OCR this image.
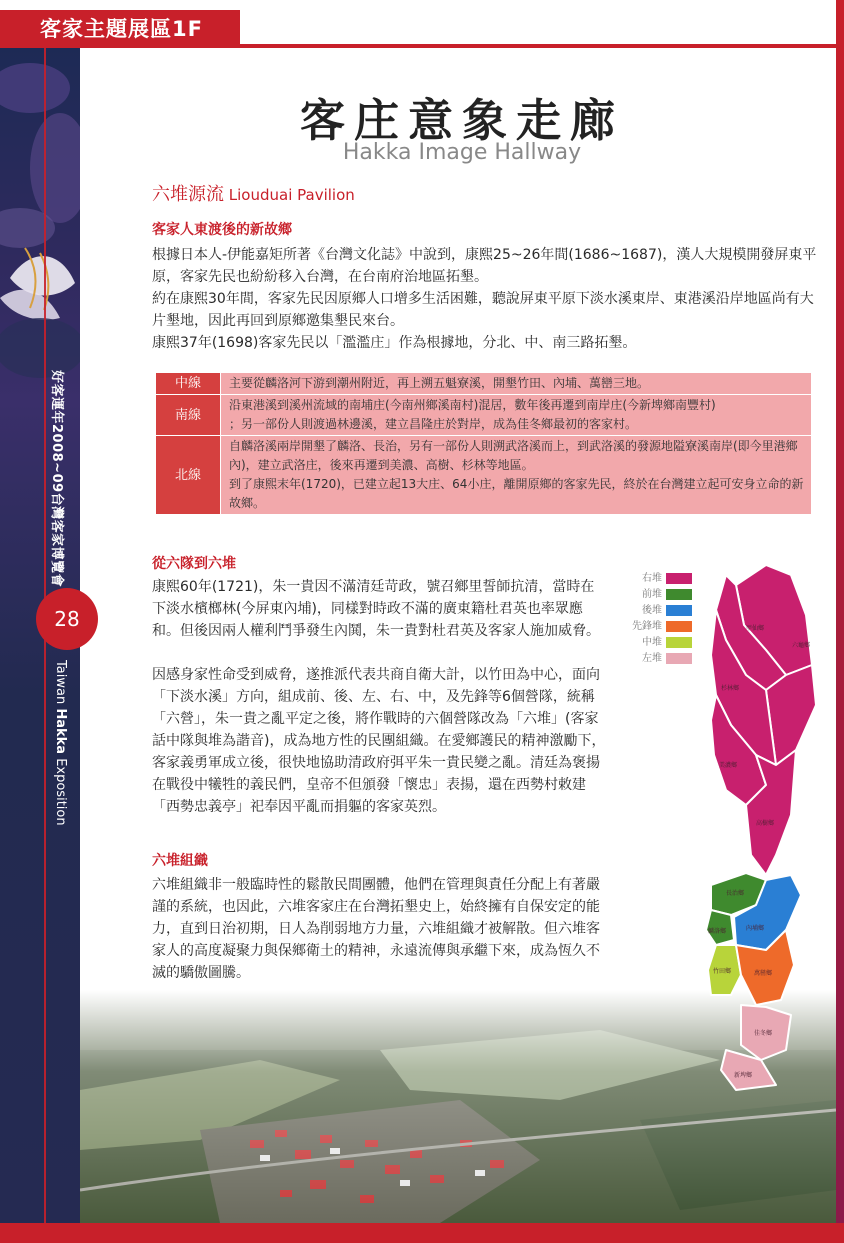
好客運年2008~09台灣客家博覽會
28
Taiwan Hakka Exposition
客家主題展區1F
客庄意象走廊
Hakka Image Hallway
六堆源流 Liouduai Pavilion
客家人東渡後的新故鄉

根據日本人-伊能嘉矩所著《台灣文化誌》中說到，康熙25~26年間(1686~1687)，漢人大規模開發屏東平原，客家先民也紛紛移入台灣，在台南府治地區拓墾。

約在康熙30年間，客家先民因原鄉人口增多生活困難，聽說屏東平原下淡水溪東岸、東港溪沿岸地區尚有大片墾地，因此再回到原鄉邀集墾民來台。

康熙37年(1698)客家先民以「濫濫庄」作為根據地，分北、中、南三路拓墾。

中線	主要從麟洛河下游到潮州附近，再上溯五魁寮溪，開墾竹田、內埔、萬巒三地。

南線	沿東港溪到溪州流域的南埔庄(今南州鄉溪南村)混居，數年後再遷到南岸庄(今新埤鄉南豐村)
；另一部份人則渡過林邊溪，建立昌隆庄於對岸，成為佳冬鄉最初的客家村。

北線	自麟洛溪兩岸開墾了麟洛、長治，另有一部份人則溯武洛溪而上，到武洛溪的發源地隘寮溪南岸(即今里港鄉內)，建立武洛庄，後來再遷到美濃、高樹、杉林等地區。
到了康熙末年(1720)，已建立起13大庄、64小庄，離開原鄉的客家先民，終於在台灣建立起可安身立命的新故鄉。
從六隊到六堆

康熙60年(1721)，朱一貴因不滿清廷苛政，號召鄉里誓師抗清，當時在下淡水檳榔林(今屏東內埔)，同樣對時政不滿的廣東籍杜君英也率眾應和。但後因兩人權利鬥爭發生內鬨，朱一貴對杜君英及客家人施加威脅。

因感身家性命受到威脅，遂推派代表共商自衛大計，以竹田為中心，面向「下淡水溪」方向，組成前、後、左、右、中，及先鋒等6個營隊，統稱「六營」，朱一貴之亂平定之後，將作戰時的六個營隊改為「六堆」(客家話中隊與堆為諧音)，成為地方性的民團組織。在愛鄉護民的精神激勵下，客家義勇軍成立後，很快地協助清政府弭平朱一貴民變之亂。清廷為褒揚在戰役中犧牲的義民們，皇帝不但頒發「懷忠」表揚，還在西勢村敕建「西勢忠義亭」祀奉因平亂而捐軀的客家英烈。

六堆組織

六堆組織非一般臨時性的鬆散民間團體，他們在管理與責任分配上有著嚴謹的系統，也因此，六堆客家庄在台灣拓墾史上，始終擁有自保安定的能力，直到日治初期，日人為削弱地方力量，六堆組織才被解散。但六堆客家人的高度凝聚力與保鄉衛土的精神，永遠流傳與承繼下來，成為恆久不滅的驕傲圖騰。

右堆
前堆
後堆
先鋒堆
中堆
左堆
甲仙鄉
六龜鄉
杉林鄉
美濃鄉
高樹鄉
長治鄉
麟洛鄉	內埔鄉
竹田鄉	萬巒鄉
佳冬鄉
新埤鄉
